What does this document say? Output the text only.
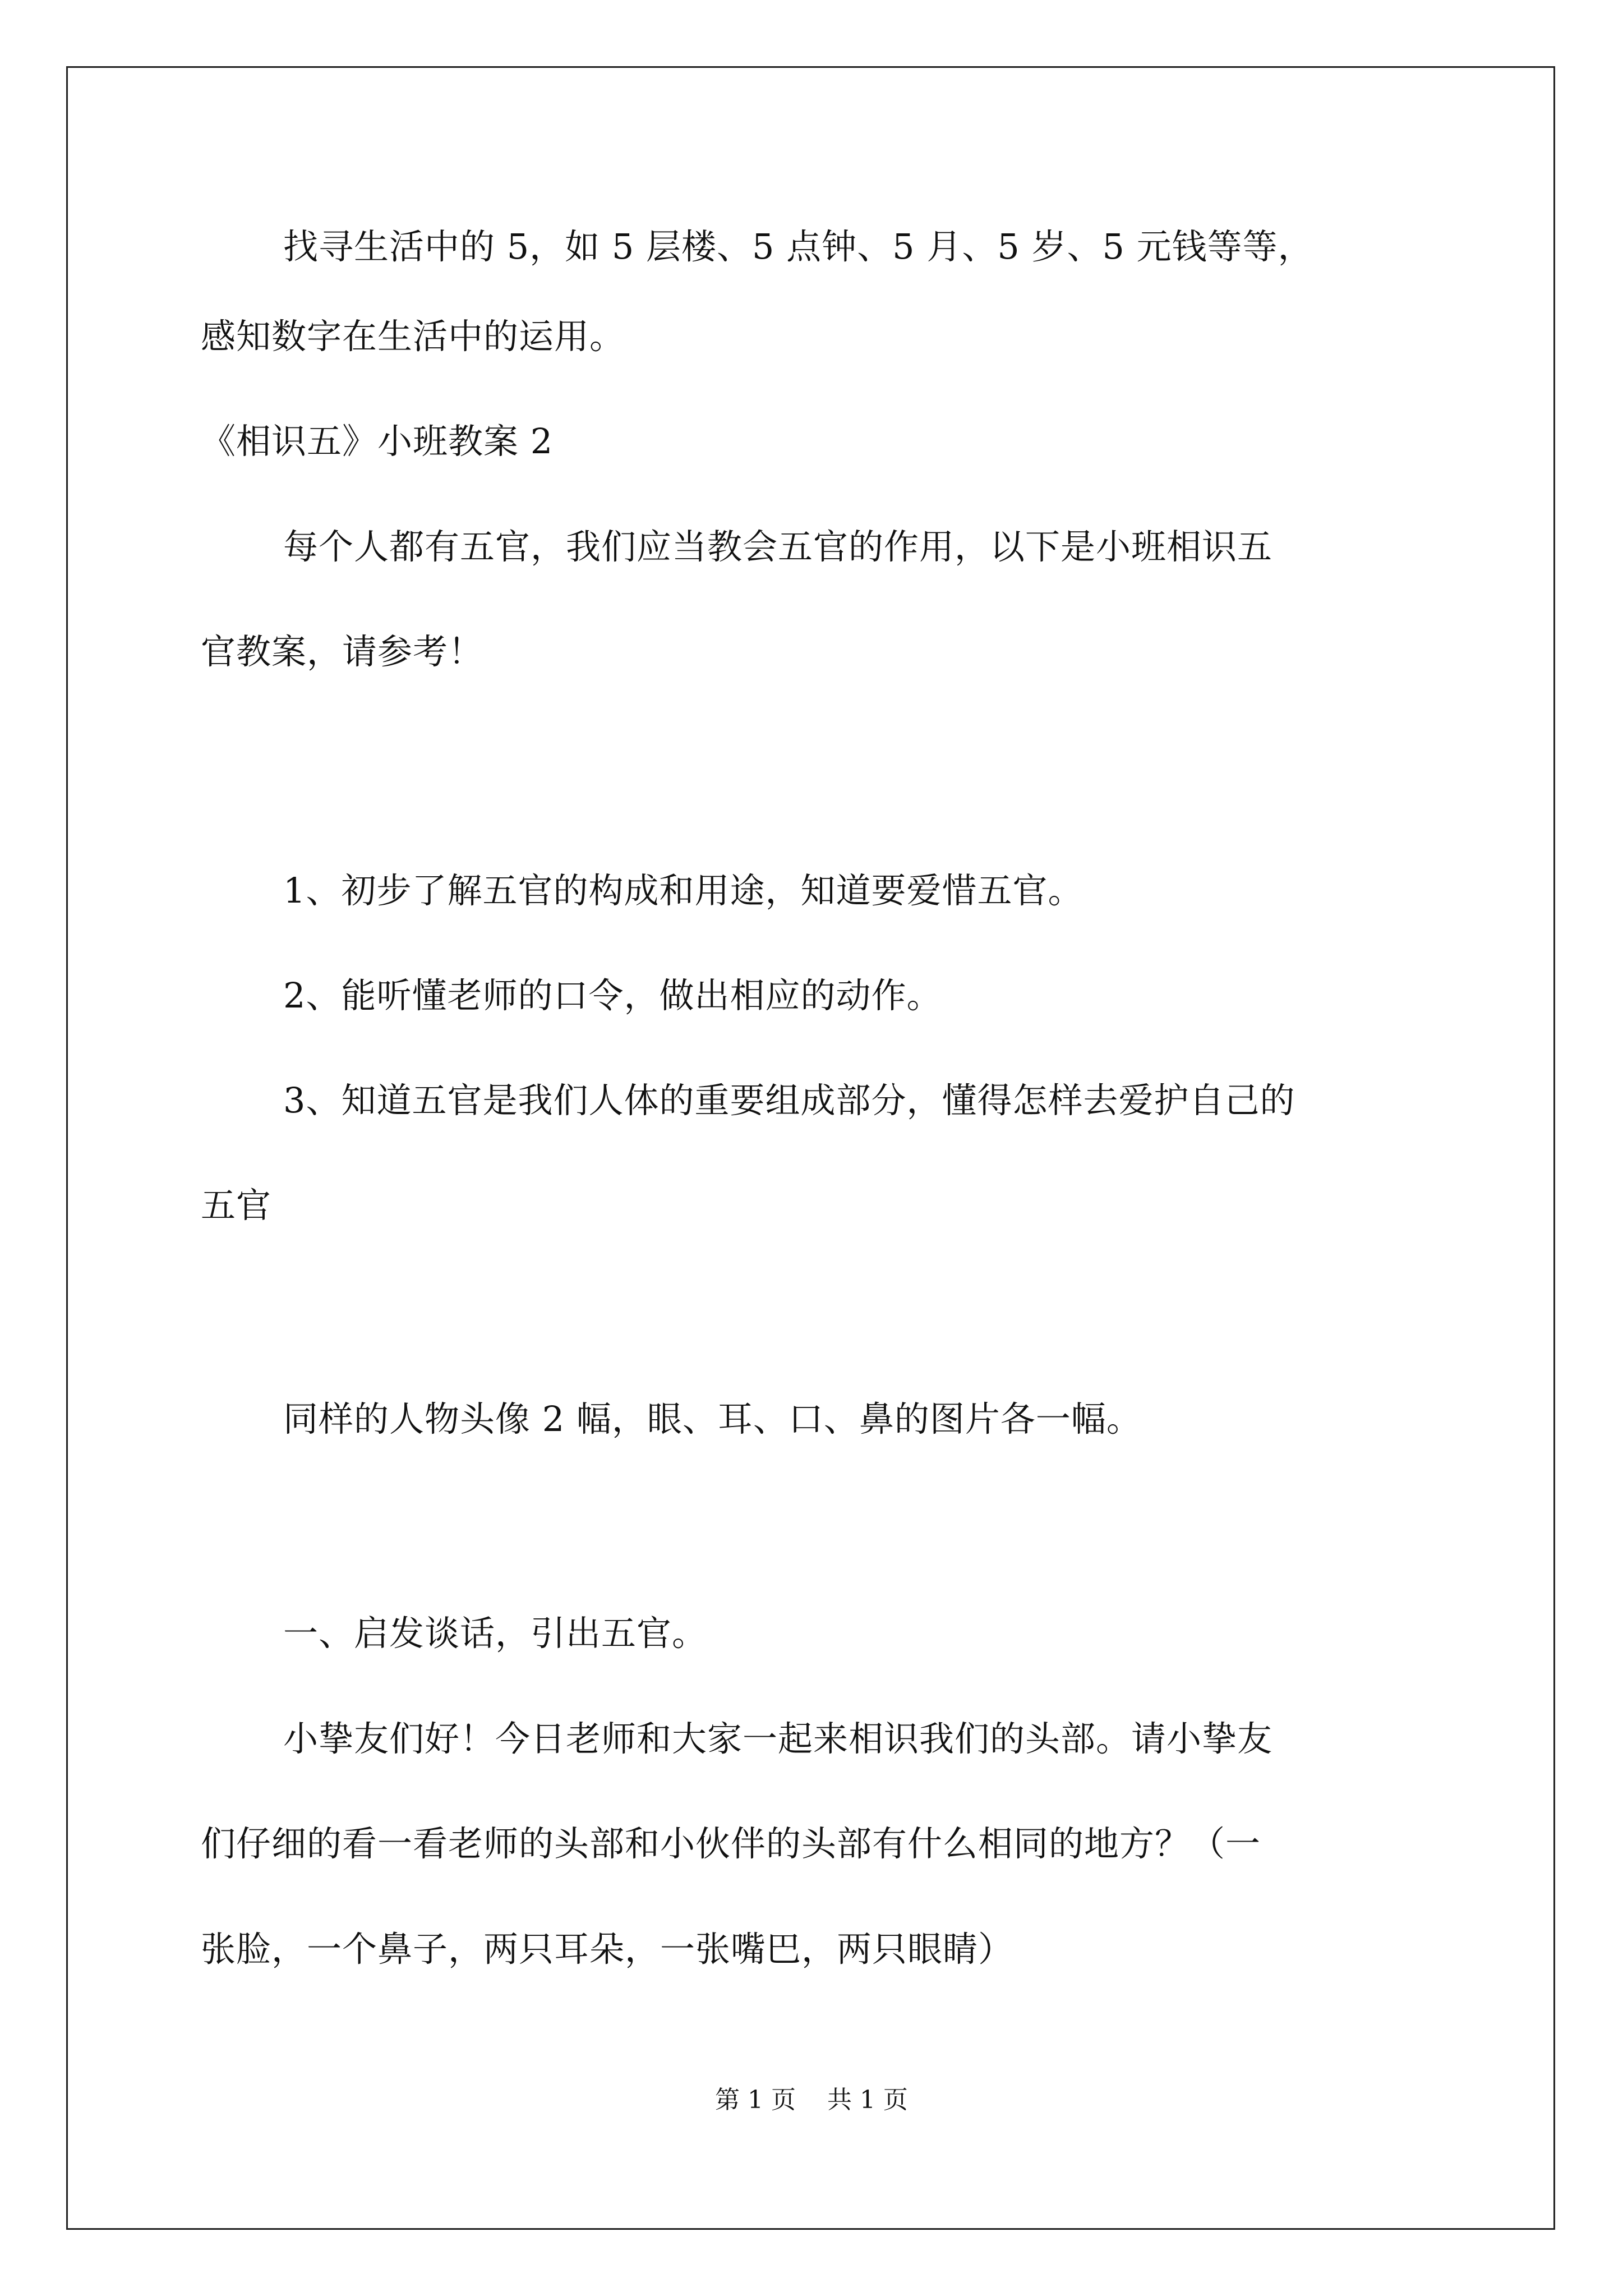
找寻生活中的 5，如 5 层楼、5 点钟、5 月、5 岁、5 元钱等等，
感知数字在生活中的运用。
《相识五》小班教案 2
每个人都有五官，我们应当教会五官的作用，以下是小班相识五
官教案，请参考！
1、初步了解五官的构成和用途，知道要爱惜五官。
2、能听懂老师的口令，做出相应的动作。
3、知道五官是我们人体的重要组成部分，懂得怎样去爱护自己的
五官
同样的人物头像 2 幅，眼、耳、口、鼻的图片各一幅。
一、启发谈话，引出五官。
小挚友们好！今日老师和大家一起来相识我们的头部。请小挚友
们仔细的看一看老师的头部和小伙伴的头部有什么相同的地方？（一
张脸，一个鼻子，两只耳朵，一张嘴巴，两只眼睛）
第 1 页    共 1 页
